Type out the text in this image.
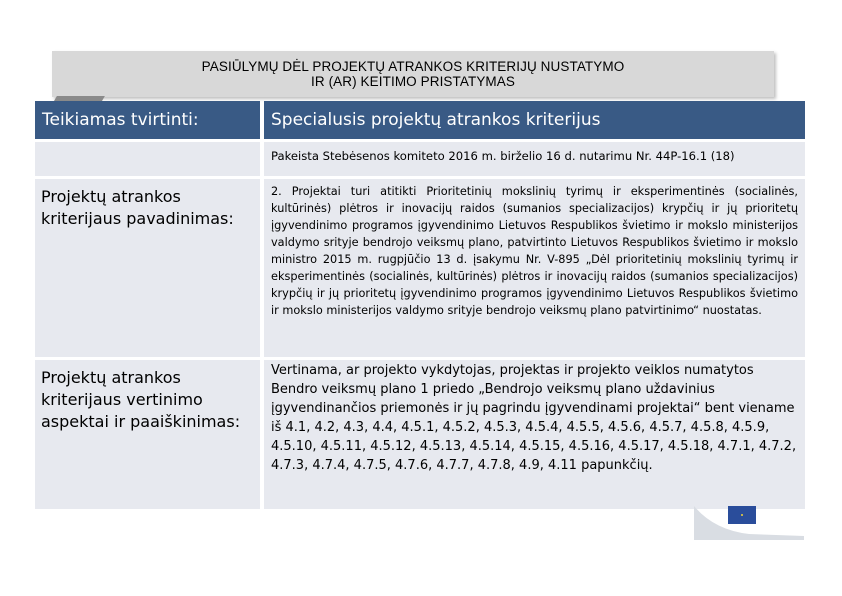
PASIŪLYMŲ DĖL PROJEKTŲ ATRANKOS KRITERIJŲ NUSTATYMO
IR (AR) KEITIMO PRISTATYMAS
Teikiamas tvirtinti:	Specialusis projektų atrankos kriterijus
Pakeista Stebėsenos komiteto 2016 m. birželio 16 d. nutarimu Nr. 44P-16.1 (18)
Projektų atrankos kriterijaus pavadinimas:
2. Projektai turi atitikti Prioritetinių mokslinių tyrimų ir eksperimentinės (socialinės, kultūrinės) plėtros ir inovacijų raidos (sumanios specializacijos) krypčių ir jų prioritetų įgyvendinimo programos įgyvendinimo Lietuvos Respublikos švietimo ir mokslo ministerijos valdymo srityje bendrojo veiksmų plano, patvirtinto Lietuvos Respublikos švietimo ir mokslo ministro 2015 m. rugpjūčio 13 d. įsakymu Nr. V-895 „Dėl prioritetinių mokslinių tyrimų ir eksperimentinės (socialinės, kultūrinės) plėtros ir inovacijų raidos (sumanios specializacijos) krypčių ir jų prioritetų įgyvendinimo programos įgyvendinimo Lietuvos Respublikos švietimo ir mokslo ministerijos valdymo srityje bendrojo veiksmų plano patvirtinimo“ nuostatas.
Projektų atrankos kriterijaus vertinimo aspektai ir paaiškinimas:
Vertinama, ar projekto vykdytojas, projektas ir projekto veiklos numatytos Bendro veiksmų plano 1 priedo „Bendrojo veiksmų plano uždavinius įgyvendinančios priemonės ir jų pagrindu įgyvendinami projektai“ bent viename iš 4.1, 4.2, 4.3, 4.4, 4.5.1, 4.5.2, 4.5.3, 4.5.4, 4.5.5, 4.5.6, 4.5.7, 4.5.8, 4.5.9, 4.5.10, 4.5.11, 4.5.12, 4.5.13, 4.5.14, 4.5.15, 4.5.16, 4.5.17, 4.5.18, 4.7.1, 4.7.2, 4.7.3, 4.7.4, 4.7.5, 4.7.6, 4.7.7, 4.7.8, 4.9, 4.11 papunkčių.
